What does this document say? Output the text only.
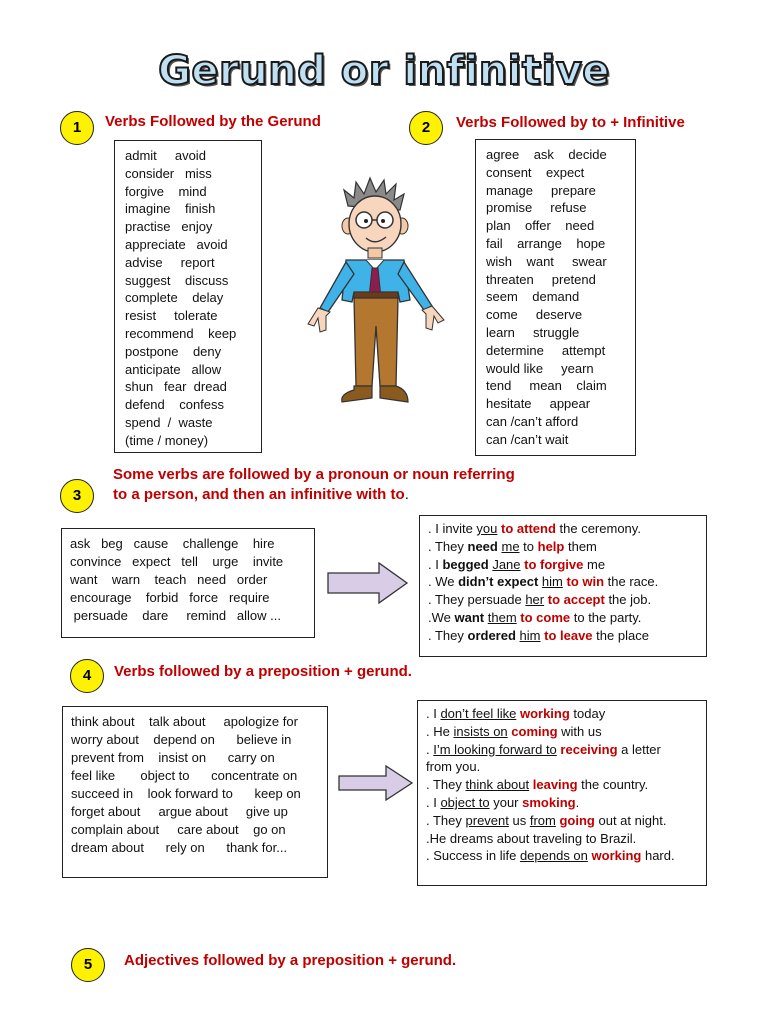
Gerund or infinitive
1	Verbs Followed by the Gerund
admit     avoid
consider   miss
forgive    mind
imagine    finish
practise   enjoy
appreciate   avoid
advise     report
suggest    discuss
complete    delay
resist     tolerate
recommend    keep
postpone    deny
anticipate   allow
shun   fear  dread
defend    confess
spend  /  waste
(time / money)
2	Verbs Followed by to + Infinitive
agree    ask    decide
consent    expect
manage     prepare
promise     refuse
plan    offer    need
fail    arrange    hope
wish    want     swear
threaten     pretend
seem    demand
come     deserve
learn     struggle
determine     attempt
would like     yearn
tend     mean    claim
hesitate     appear
can /can’t afford
can /can’t wait
3
Some verbs are followed by a pronoun or noun referring
to a person, and then an infinitive with to.
ask   beg   cause    challenge    hire
convince   expect   tell    urge    invite
want    warn    teach   need   order
encourage    forbid   force   require
persuade    dare     remind   allow ...
. I invite you to attend the ceremony.
. They need me to help them
. I begged Jane to forgive me
. We didn’t expect him to win the race.
. They persuade her to accept the job.
.We want them to come to the party.
. They ordered him to leave the place
4	Verbs followed by a preposition + gerund.
think about    talk about     apologize for
worry about    depend on      believe in
prevent from    insist on      carry on
feel like       object to      concentrate on
succeed in    look forward to      keep on
forget about     argue about     give up
complain about     care about    go on
dream about      rely on      thank for...
. I don’t feel like working today
. He insists on coming with us
. I’m looking forward to receiving a letter
from you.
. They think about leaving the country.
. I object to your smoking.
. They prevent us from going out at night.
.He dreams about traveling to Brazil.
. Success in life depends on working hard.
5	Adjectives followed by a preposition + gerund.
